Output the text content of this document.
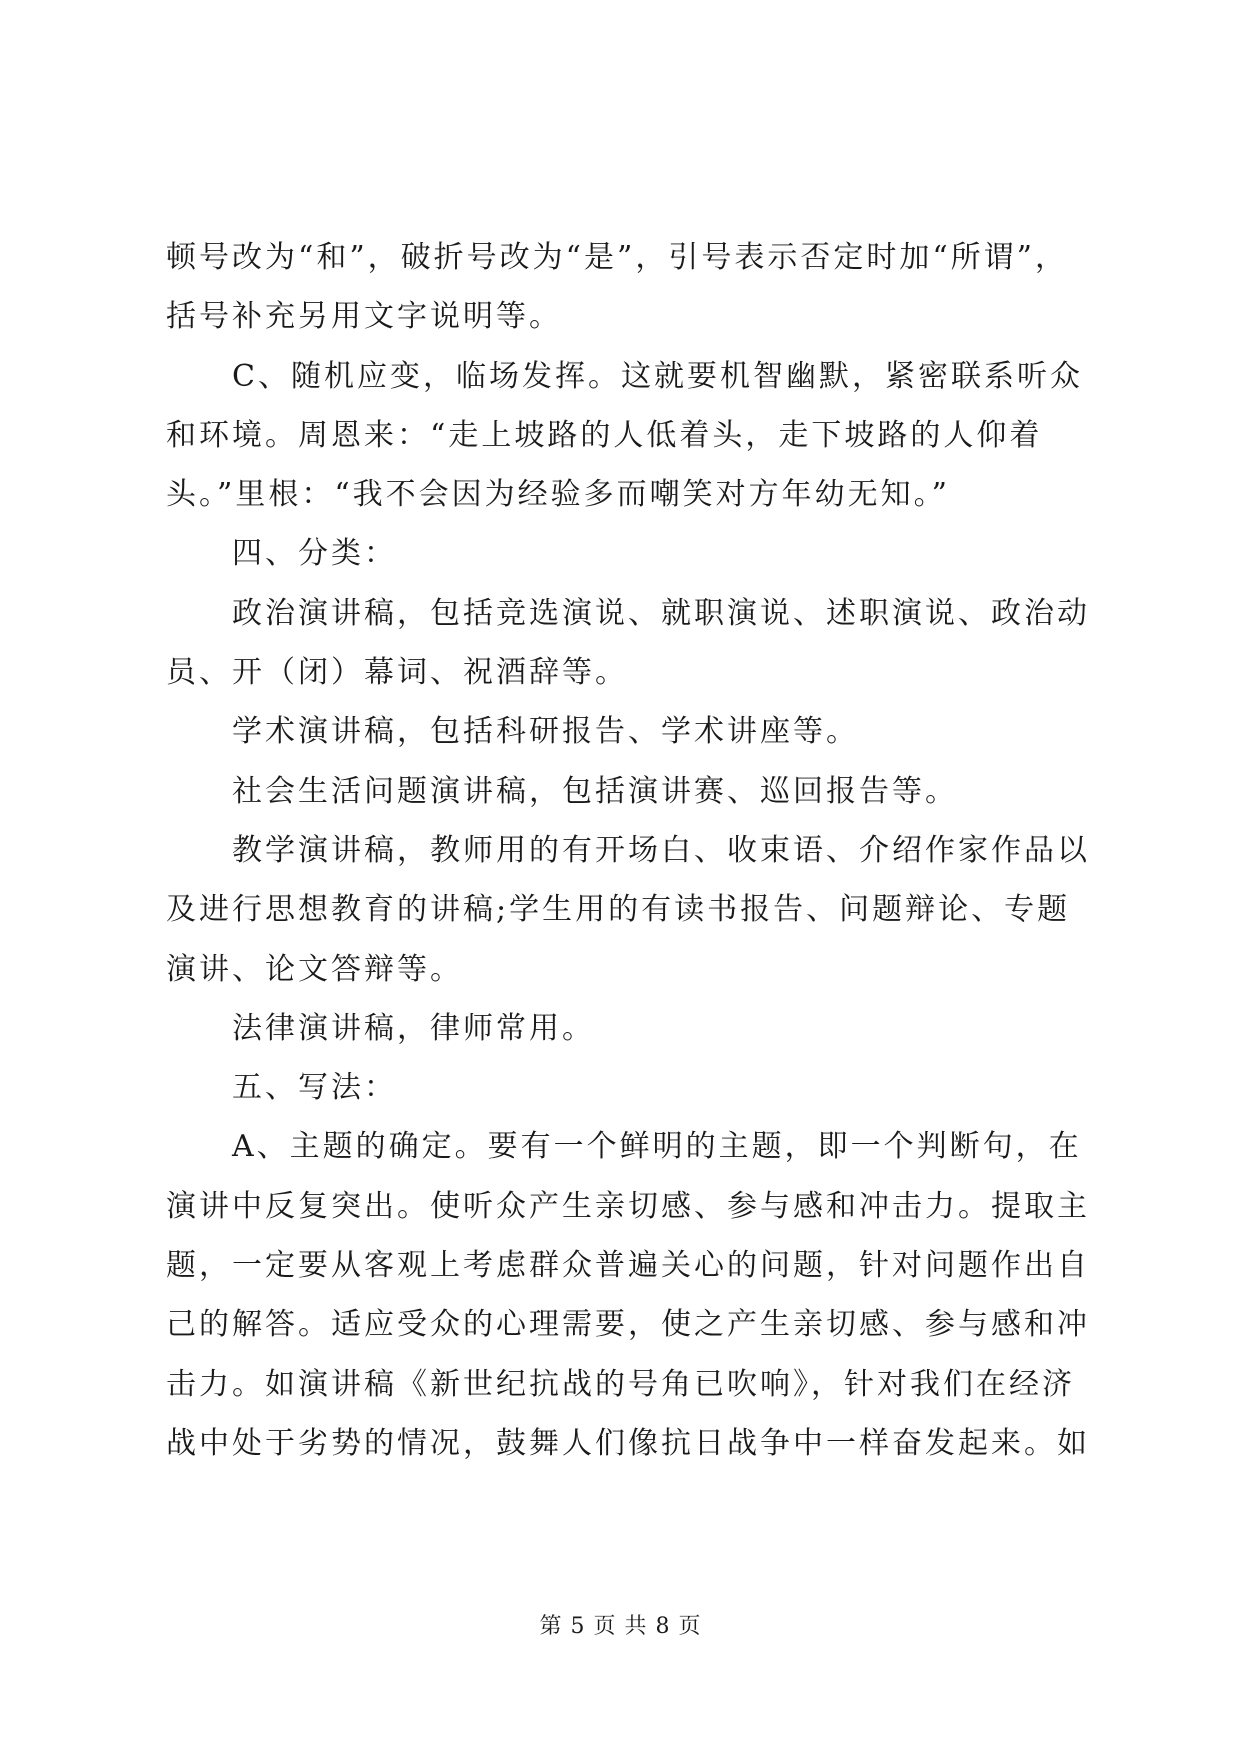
顿号改为“和”，破折号改为“是”，引号表示否定时加“所谓”，
括号补充另用文字说明等。
C、随机应变，临场发挥。这就要机智幽默，紧密联系听众
和环境。周恩来：“走上坡路的人低着头，走下坡路的人仰着
头。”里根：“我不会因为经验多而嘲笑对方年幼无知。”
四、分类：
政治演讲稿，包括竞选演说、就职演说、述职演说、政治动
员、开（闭）幕词、祝酒辞等。
学术演讲稿，包括科研报告、学术讲座等。
社会生活问题演讲稿，包括演讲赛、巡回报告等。
教学演讲稿，教师用的有开场白、收束语、介绍作家作品以
及进行思想教育的讲稿;学生用的有读书报告、问题辩论、专题
演讲、论文答辩等。
法律演讲稿，律师常用。
五、写法：
A、主题的确定。要有一个鲜明的主题，即一个判断句，在
演讲中反复突出。使听众产生亲切感、参与感和冲击力。提取主
题，一定要从客观上考虑群众普遍关心的问题，针对问题作出自
己的解答。适应受众的心理需要，使之产生亲切感、参与感和冲
击力。如演讲稿《新世纪抗战的号角已吹响》，针对我们在经济
战中处于劣势的情况，鼓舞人们像抗日战争中一样奋发起来。如
第 5 页 共 8 页
